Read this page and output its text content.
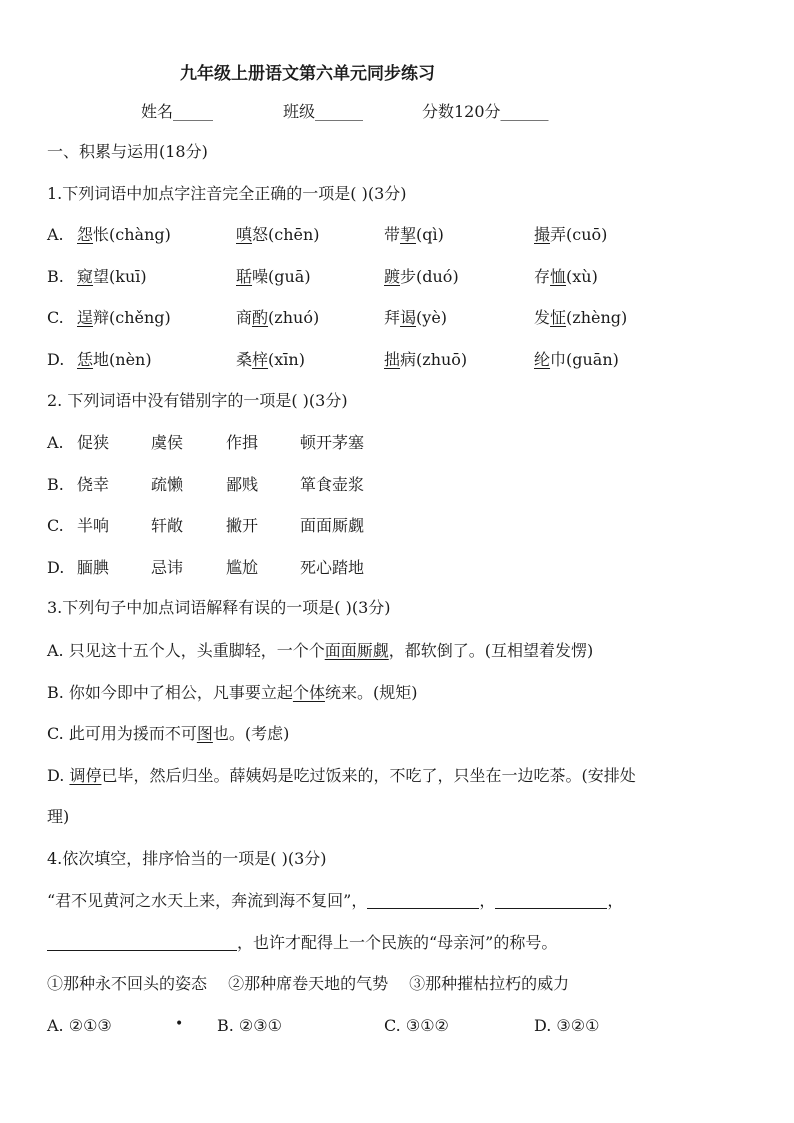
九年级上册语文第六单元同步练习
姓名_____	班级______	分数120分______
一、积累与运用(18分)
1.下列词语中加点字注音完全正确的一项是( )(3分)
A. 怨怅(chàng)	嗔怒(chēn)	带挈(qì)	撮弄(cuō)
B. 窥望(kuī)	聒噪(guā)	踱步(duó)	存恤(xù)
C. 逞辩(chěng)	商酌(zhuó)	拜谒(yè)	发怔(zhèng)
D. 恁地(nèn)	桑梓(xīn)	拙病(zhuō)	纶巾(guān)
2. 下列词语中没有错别字的一项是( )(3分)
A. 促狭	虞侯	作揖	顿开茅塞
B. 侥幸	疏懒	鄙贱	箪食壶浆
C. 半响	轩敞	撇开	面面厮觑
D. 腼腆	忌讳	尴尬	死心踏地
3.下列句子中加点词语解释有误的一项是( )(3分)
A. 只见这十五个人，头重脚轻，一个个面面厮觑，都软倒了。(互相望着发愣)
B. 你如今即中了相公，凡事要立起个体统来。(规矩)
C. 此可用为援而不可图也。(考虑)
D. 调停已毕，然后归坐。薛姨妈是吃过饭来的，不吃了，只坐在一边吃茶。(安排处
理)
4.依次填空，排序恰当的一项是( )(3分)
“君不见黄河之水天上来，奔流到海不复回”，	，	，
，也许才配得上一个民族的“母亲河”的称号。
①那种永不回头的姿态　 ②那种席卷天地的气势　 ③那种摧枯拉朽的威力
A. ②①③	• B. ②③①	C. ③①②	D. ③②①
